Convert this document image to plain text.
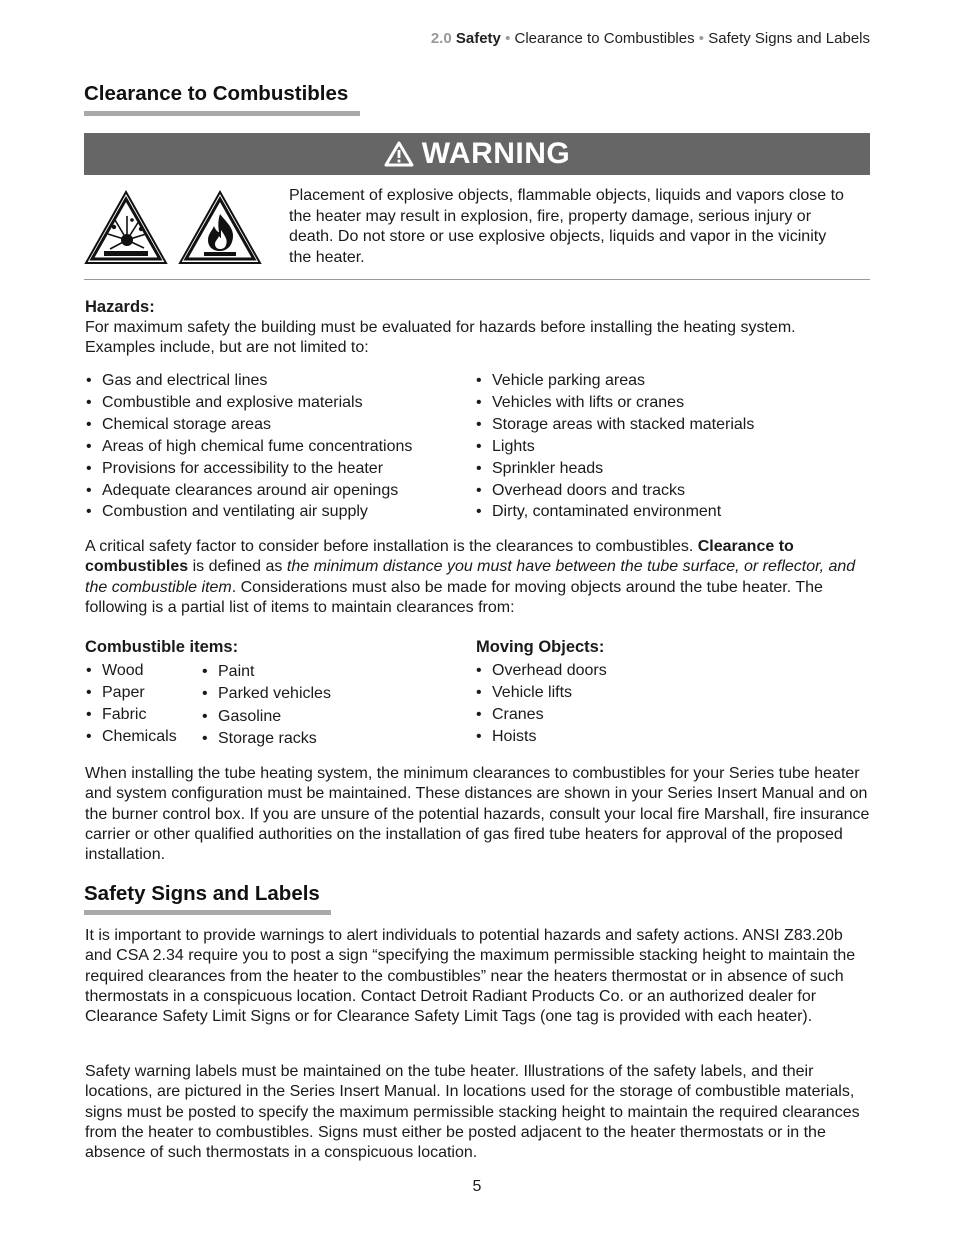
2.0 Safety • Clearance to Combustibles • Safety Signs and Labels
Clearance to Combustibles
WARNING
Placement of explosive objects, flammable objects, liquids and vapors close to the heater may result in explosion, fire, property damage, serious injury or death. Do not store or use explosive objects, liquids and vapor in the vicinity the heater.
Hazards:
For maximum safety the building must be evaluated for hazards before installing the heating system. Examples include, but are not limited to:
• Gas and electrical lines
• Combustible and explosive materials
• Chemical storage areas
• Areas of high chemical fume concentrations
• Provisions for accessibility to the heater
• Adequate clearances around air openings
• Combustion and ventilating air supply
• Vehicle parking areas
• Vehicles with lifts or cranes
• Storage areas with stacked materials
• Lights
• Sprinkler heads
• Overhead doors and tracks
• Dirty, contaminated environment
A critical safety factor to consider before installation is the clearances to combustibles. Clearance to combustibles is defined as the minimum distance you must have between the tube surface, or reflector, and the combustible item. Considerations must also be made for moving objects around the tube heater. The following is a partial list of items to maintain clearances from:
Combustible items:
• Wood
• Paper
• Fabric
• Chemicals
• Paint
• Parked vehicles
• Gasoline
• Storage racks
Moving Objects:
• Overhead doors
• Vehicle lifts
• Cranes
• Hoists
When installing the tube heating system, the minimum clearances to combustibles for your Series tube heater and system configuration must be maintained. These distances are shown in your Series Insert Manual and on the burner control box. If you are unsure of the potential hazards, consult your local fire Marshall, fire insurance carrier or other qualified authorities on the installation of gas fired tube heaters for approval of the proposed installation.
Safety Signs and Labels
It is important to provide warnings to alert individuals to potential hazards and safety actions. ANSI Z83.20b and CSA 2.34 require you to post a sign “specifying the maximum permissible stacking height to maintain the required clearances from the heater to the combustibles” near the heaters thermostat or in absence of such thermostats in a conspicuous location. Contact Detroit Radiant Products Co. or an authorized dealer for Clearance Safety Limit Signs or for Clearance Safety Limit Tags (one tag is provided with each heater).
Safety warning labels must be maintained on the tube heater. Illustrations of the safety labels, and their locations, are pictured in the Series Insert Manual. In locations used for the storage of combustible materials, signs must be posted to specify the maximum permissible stacking height to maintain the required clearances from the heater to combustibles. Signs must either be posted adjacent to the heater thermostats or in the absence of such thermostats in a conspicuous location.
5
